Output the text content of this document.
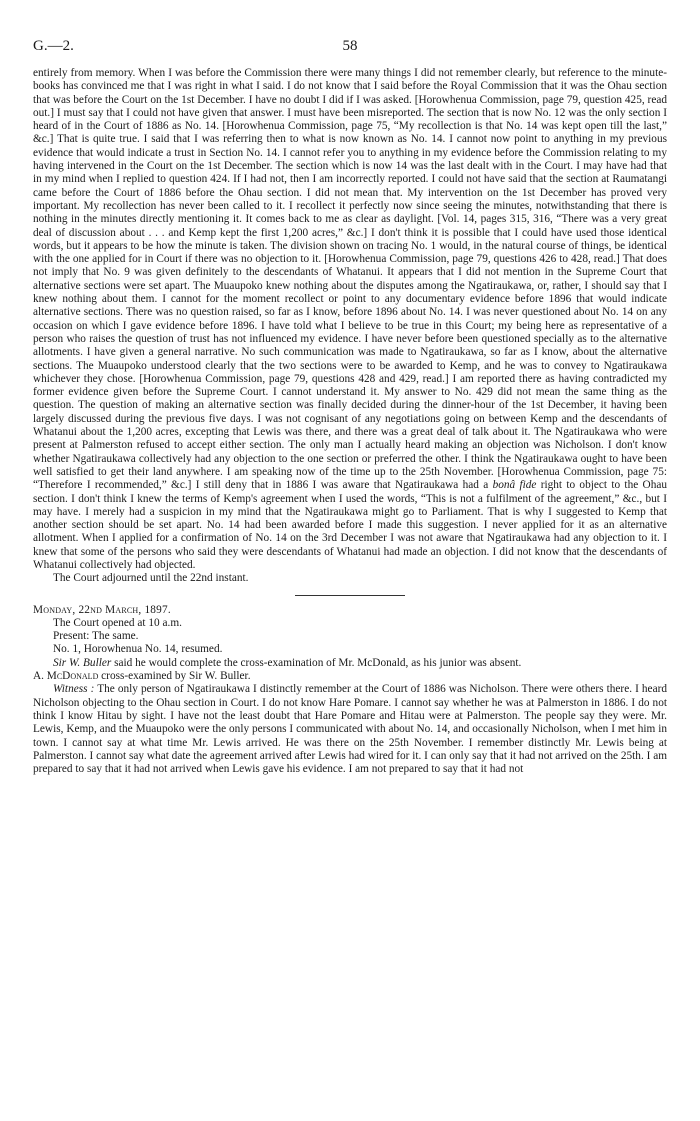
G.—2.	58

entirely from memory. When I was before the Commission there were many things I did not remember clearly, but reference to the minute-books has convinced me that I was right in what I said. I do not know that I said before the Royal Commission that it was the Ohau section that was before the Court on the 1st December. I have no doubt I did if I was asked. [Horowhenua Commission, page 79, question 425, read out.] I must say that I could not have given that answer. I must have been misreported. The section that is now No. 12 was the only section I heard of in the Court of 1886 as No. 14. [Horowhenua Commission, page 75, “My recollection is that No. 14 was kept open till the last,” &c.] That is quite true. I said that I was referring then to what is now known as No. 14. I cannot now point to anything in my previous evidence that would indicate a trust in Section No. 14. I cannot refer you to anything in my evidence before the Commission relating to my having intervened in the Court on the 1st December. The section which is now 14 was the last dealt with in the Court. I may have had that in my mind when I replied to question 424. If I had not, then I am incorrectly reported. I could not have said that the section at Raumatangi came before the Court of 1886 before the Ohau section. I did not mean that. My intervention on the 1st December has proved very important. My recollection has never been called to it. I recollect it perfectly now since seeing the minutes, notwithstanding that there is nothing in the minutes directly mentioning it. It comes back to me as clear as daylight. [Vol. 14, pages 315, 316, “There was a very great deal of discussion about . . . and Kemp kept the first 1,200 acres,” &c.] I don't think it is possible that I could have used those identical words, but it appears to be how the minute is taken. The division shown on tracing No. 1 would, in the natural course of things, be identical with the one applied for in Court if there was no objection to it. [Horowhenua Commission, page 79, questions 426 to 428, read.] That does not imply that No. 9 was given definitely to the descendants of Whatanui. It appears that I did not mention in the Supreme Court that alternative sections were set apart. The Muaupoko knew nothing about the disputes among the Ngatiraukawa, or, rather, I should say that I knew nothing about them. I cannot for the moment recollect or point to any documentary evidence before 1896 that would indicate alternative sections. There was no question raised, so far as I know, before 1896 about No. 14. I was never questioned about No. 14 on any occasion on which I gave evidence before 1896. I have told what I believe to be true in this Court; my being here as representative of a person who raises the question of trust has not influenced my evidence. I have never before been questioned specially as to the alternative allotments. I have given a general narrative. No such communication was made to Ngatiraukawa, so far as I know, about the alternative sections. The Muaupoko understood clearly that the two sections were to be awarded to Kemp, and he was to convey to Ngatiraukawa whichever they chose. [Horowhenua Commission, page 79, questions 428 and 429, read.] I am reported there as having contradicted my former evidence given before the Supreme Court. I cannot understand it. My answer to No. 429 did not mean the same thing as the question. The question of making an alternative section was finally decided during the dinner-hour of the 1st December, it having been largely discussed during the previous five days. I was not cognisant of any negotiations going on between Kemp and the descendants of Whatanui about the 1,200 acres, excepting that Lewis was there, and there was a great deal of talk about it. The Ngatiraukawa who were present at Palmerston refused to accept either section. The only man I actually heard making an objection was Nicholson. I don't know whether Ngatiraukawa collectively had any objection to the one section or preferred the other. I think the Ngatiraukawa ought to have been well satisfied to get their land anywhere. I am speaking now of the time up to the 25th November. [Horowhenua Commission, page 75: “Therefore I recommended,” &c.] I still deny that in 1886 I was aware that Ngatiraukawa had a bonâ fide right to object to the Ohau section. I don't think I knew the terms of Kemp's agreement when I used the words, “This is not a fulfilment of the agreement,” &c., but I may have. I merely had a suspicion in my mind that the Ngatiraukawa might go to Parliament. That is why I suggested to Kemp that another section should be set apart. No. 14 had been awarded before I made this suggestion. I never applied for it as an alternative allotment. When I applied for a confirmation of No. 14 on the 3rd December I was not aware that Ngatiraukawa had any objection to it. I knew that some of the persons who said they were descendants of Whatanui had made an objection. I did not know that the descendants of Whatanui collectively had objected.

The Court adjourned until the 22nd instant.

Monday, 22nd March, 1897.

The Court opened at 10 a.m.

Present: The same.

No. 1, Horowhenua No. 14, resumed.

Sir W. Buller said he would complete the cross-examination of Mr. McDonald, as his junior was absent.

A. McDonald cross-examined by Sir W. Buller.

Witness : The only person of Ngatiraukawa I distinctly remember at the Court of 1886 was Nicholson. There were others there. I heard Nicholson objecting to the Ohau section in Court. I do not know Hare Pomare. I cannot say whether he was at Palmerston in 1886. I do not think I know Hitau by sight. I have not the least doubt that Hare Pomare and Hitau were at Palmerston. The people say they were. Mr. Lewis, Kemp, and the Muaupoko were the only persons I communicated with about No. 14, and occasionally Nicholson, when I met him in town. I cannot say at what time Mr. Lewis arrived. He was there on the 25th November. I remember distinctly Mr. Lewis being at Palmerston. I cannot say what date the agreement arrived after Lewis had wired for it. I can only say that it had not arrived on the 25th. I am prepared to say that it had not arrived when Lewis gave his evidence. I am not prepared to say that it had not
